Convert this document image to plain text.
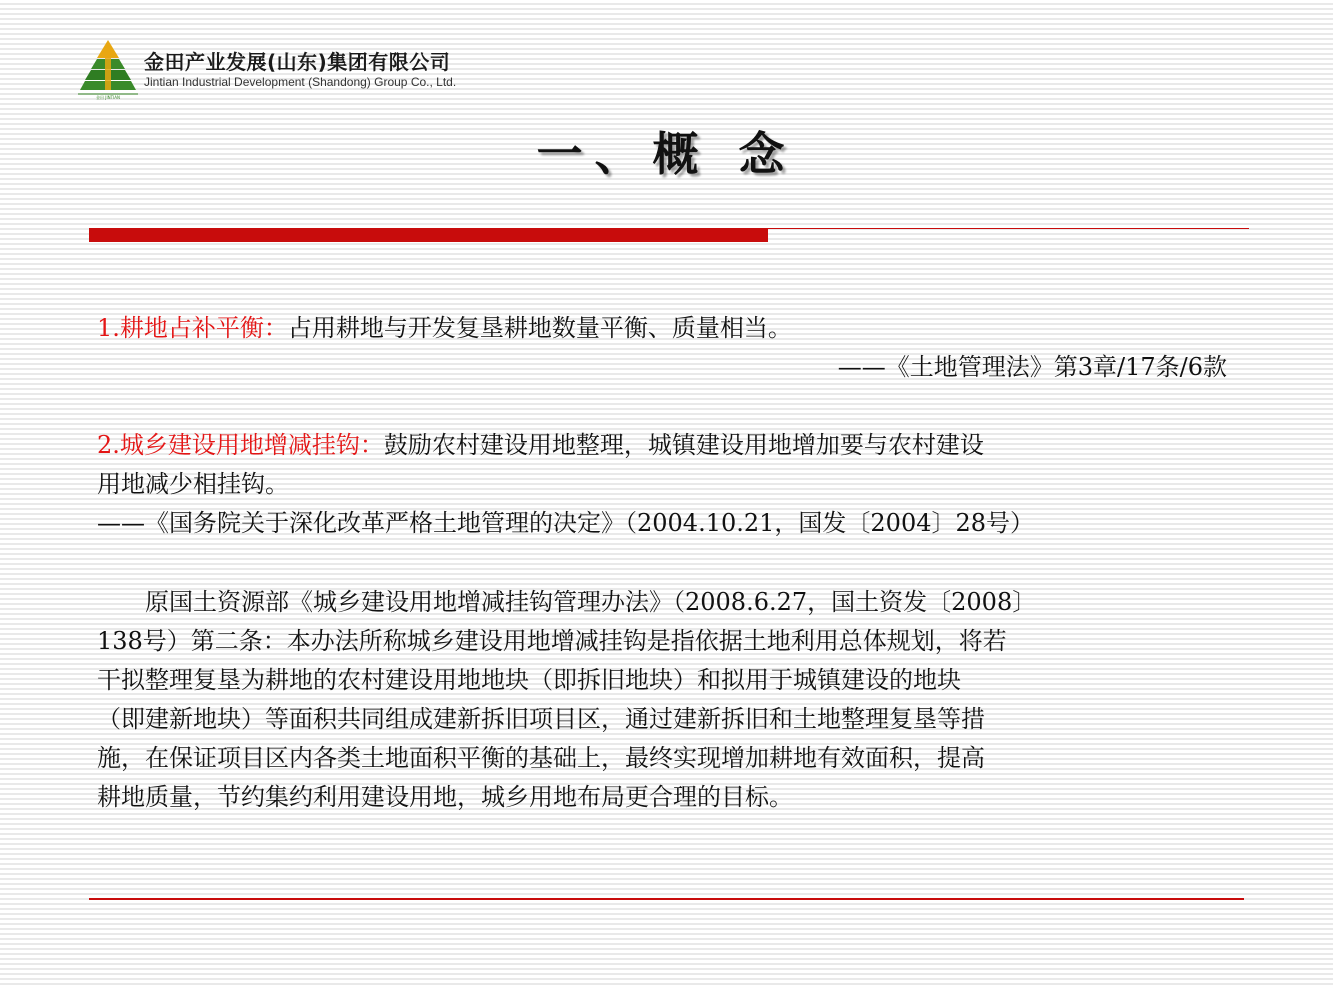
金田 JINTIAN
金田产业发展(山东)集团有限公司
Jintian Industrial Development (Shandong) Group Co., Ltd.
一、概 念
1.耕地占补平衡：占用耕地与开发复垦耕地数量平衡、质量相当。
——《土地管理法》第3章/17条/6款
2.城乡建设用地增减挂钩：鼓励农村建设用地整理，城镇建设用地增加要与农村建设
用地减少相挂钩。
——《国务院关于深化改革严格土地管理的决定》（2004.10.21，国发〔2004〕28号）
原国土资源部《城乡建设用地增减挂钩管理办法》（2008.6.27，国土资发〔2008〕
138号）第二条：本办法所称城乡建设用地增减挂钩是指依据土地利用总体规划，将若
干拟整理复垦为耕地的农村建设用地地块（即拆旧地块）和拟用于城镇建设的地块
（即建新地块）等面积共同组成建新拆旧项目区，通过建新拆旧和土地整理复垦等措
施，在保证项目区内各类土地面积平衡的基础上，最终实现增加耕地有效面积，提高
耕地质量，节约集约利用建设用地，城乡用地布局更合理的目标。
